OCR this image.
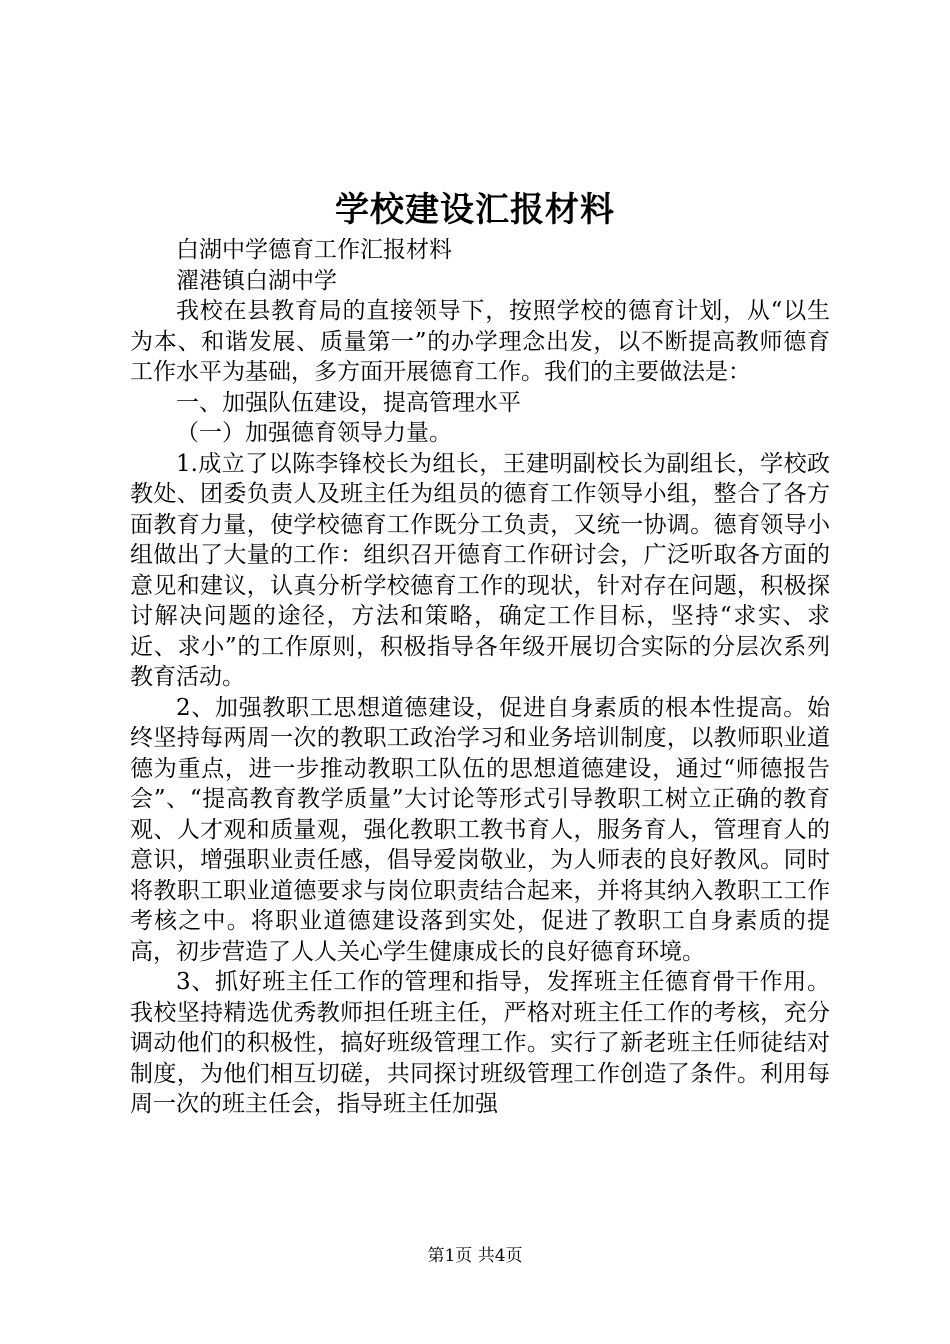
学校建设汇报材料

白湖中学德育工作汇报材料

濯港镇白湖中学

我校在县教育局的直接领导下，按照学校的德育计划，从“以生为本、和谐发展、质量第一”的办学理念出发，以不断提高教师德育工作水平为基础，多方面开展德育工作。我们的主要做法是：

一、加强队伍建设，提高管理水平

（一）加强德育领导力量。

1.成立了以陈李锋校长为组长，王建明副校长为副组长，学校政教处、团委负责人及班主任为组员的德育工作领导小组，整合了各方面教育力量，使学校德育工作既分工负责，又统一协调。德育领导小组做出了大量的工作：组织召开德育工作研讨会，广泛听取各方面的意见和建议，认真分析学校德育工作的现状，针对存在问题，积极探讨解决问题的途径，方法和策略，确定工作目标，坚持“求实、求近、求小”的工作原则，积极指导各年级开展切合实际的分层次系列教育活动。

2、加强教职工思想道德建设，促进自身素质的根本性提高。始终坚持每两周一次的教职工政治学习和业务培训制度，以教师职业道德为重点，进一步推动教职工队伍的思想道德建设，通过“师德报告会”、“提高教育教学质量”大讨论等形式引导教职工树立正确的教育观、人才观和质量观，强化教职工教书育人，服务育人，管理育人的意识，增强职业责任感，倡导爱岗敬业，为人师表的良好教风。同时将教职工职业道德要求与岗位职责结合起来，并将其纳入教职工工作考核之中。将职业道德建设落到实处，促进了教职工自身素质的提高，初步营造了人人关心学生健康成长的良好德育环境。

3、抓好班主任工作的管理和指导，发挥班主任德育骨干作用。我校坚持精选优秀教师担任班主任，严格对班主任工作的考核，充分调动他们的积极性，搞好班级管理工作。实行了新老班主任师徒结对制度，为他们相互切磋，共同探讨班级管理工作创造了条件。利用每周一次的班主任会，指导班主任加强

第1页 共4页
